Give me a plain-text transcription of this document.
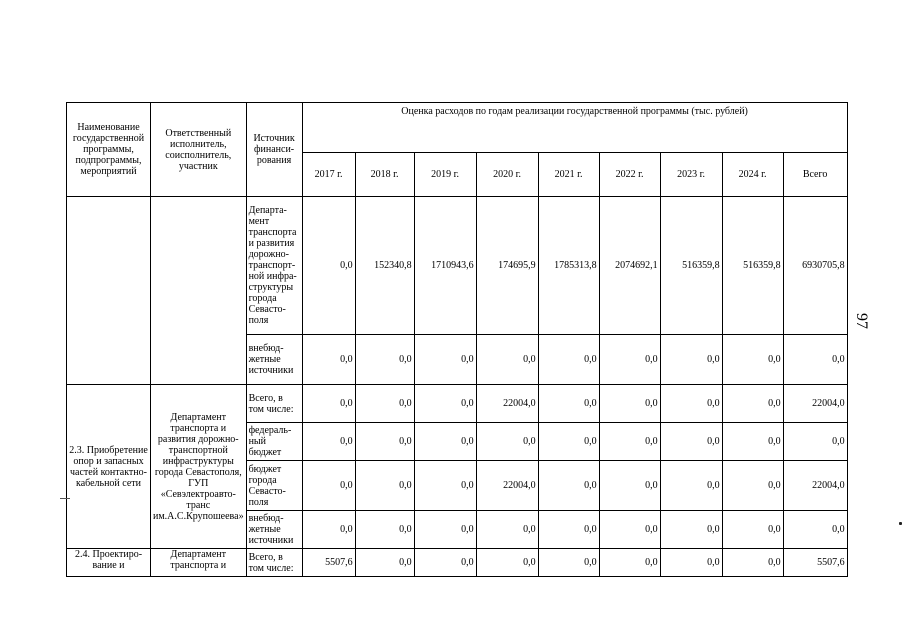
Наименование государственной программы, подпрограммы, мероприятий	Ответственный исполнитель, соисполнитель, участник	Источник финанси-рования	Оценка расходов по годам реализации государственной программы (тыс. рублей)								
			2017 г.	2018 г.	2019 г.	2020 г.	2021 г.	2022 г.	2023 г.	2024 г.	Всего
		Департа-мент транспорта и развития дорожно-транспорт-ной инфра-структуры города Севасто-поля	0,0	152340,8	1710943,6	174695,9	1785313,8	2074692,1	516359,8	516359,8	6930705,8
		внебюд-жетные источники	0,0	0,0	0,0	0,0	0,0	0,0	0,0	0,0	0,0
2.3. Приобретение опор и запасных частей контактно-кабельной сети	Департамент транспорта и развития дорожно-транспортной инфраструктуры города Севастополя, ГУП «Севэлектроавто-транс им.А.С.Крупошеева»	Всего, в том числе:	0,0	0,0	0,0	22004,0	0,0	0,0	0,0	0,0	22004,0
		федераль-ный бюджет	0,0	0,0	0,0	0,0	0,0	0,0	0,0	0,0	0,0
		бюджет города Севасто-поля	0,0	0,0	0,0	22004,0	0,0	0,0	0,0	0,0	22004,0
		внебюд-жетные источники	0,0	0,0	0,0	0,0	0,0	0,0	0,0	0,0	0,0
2.4. Проектиро-вание и	Департамент транспорта и	Всего, в том числе:	5507,6	0,0	0,0	0,0	0,0	0,0	0,0	0,0	5507,6
97
